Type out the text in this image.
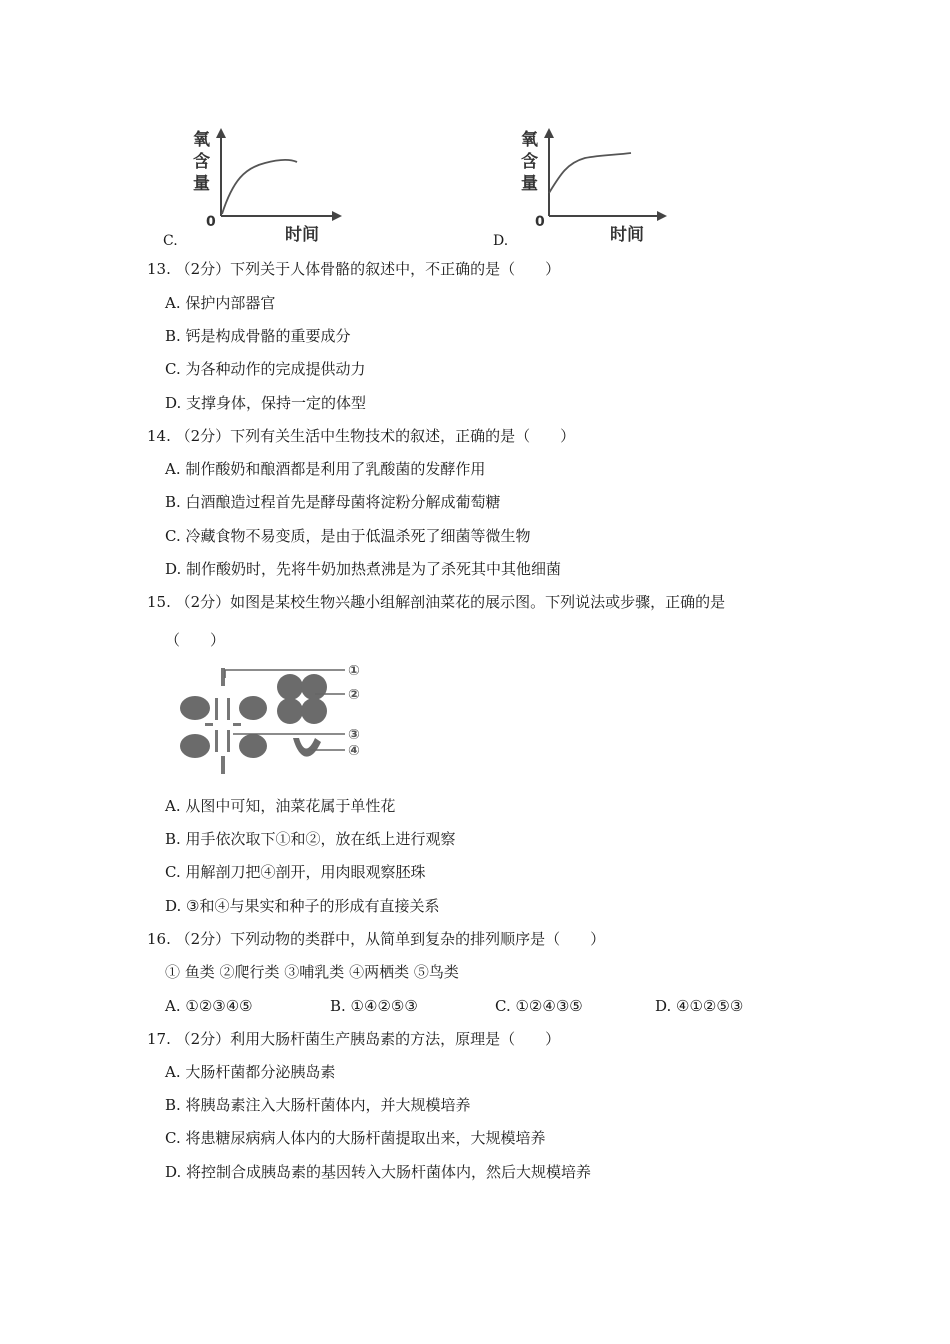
C.
氧
含
量
0
时间	D.
氧
含
量
0
时间
13. （2分）下列关于人体骨骼的叙述中，不正确的是（　　）
A. 保护内部器官
B. 钙是构成骨骼的重要成分
C. 为各种动作的完成提供动力
D. 支撑身体，保持一定的体型
14. （2分）下列有关生活中生物技术的叙述，正确的是（　　）
A. 制作酸奶和酿酒都是利用了乳酸菌的发酵作用
B. 白酒酿造过程首先是酵母菌将淀粉分解成葡萄糖
C. 冷藏食物不易变质，是由于低温杀死了细菌等微生物
D. 制作酸奶时，先将牛奶加热煮沸是为了杀死其中其他细菌
15. （2分）如图是某校生物兴趣小组解剖油菜花的展示图。下列说法或步骤，正确的是
（　　）
①
②
③
④
A. 从图中可知，油菜花属于单性花
B. 用手依次取下①和②，放在纸上进行观察
C. 用解剖刀把④剖开，用肉眼观察胚珠
D. ③和④与果实和种子的形成有直接关系
16. （2分）下列动物的类群中，从简单到复杂的排列顺序是（　　）
① 鱼类 ②爬行类 ③哺乳类 ④两栖类 ⑤鸟类
A. ①②③④⑤	B. ①④②⑤③	C. ①②④③⑤	D. ④①②⑤③
17. （2分）利用大肠杆菌生产胰岛素的方法，原理是（　　）
A. 大肠杆菌都分泌胰岛素
B. 将胰岛素注入大肠杆菌体内，并大规模培养
C. 将患糖尿病病人体内的大肠杆菌提取出来，大规模培养
D. 将控制合成胰岛素的基因转入大肠杆菌体内，然后大规模培养
